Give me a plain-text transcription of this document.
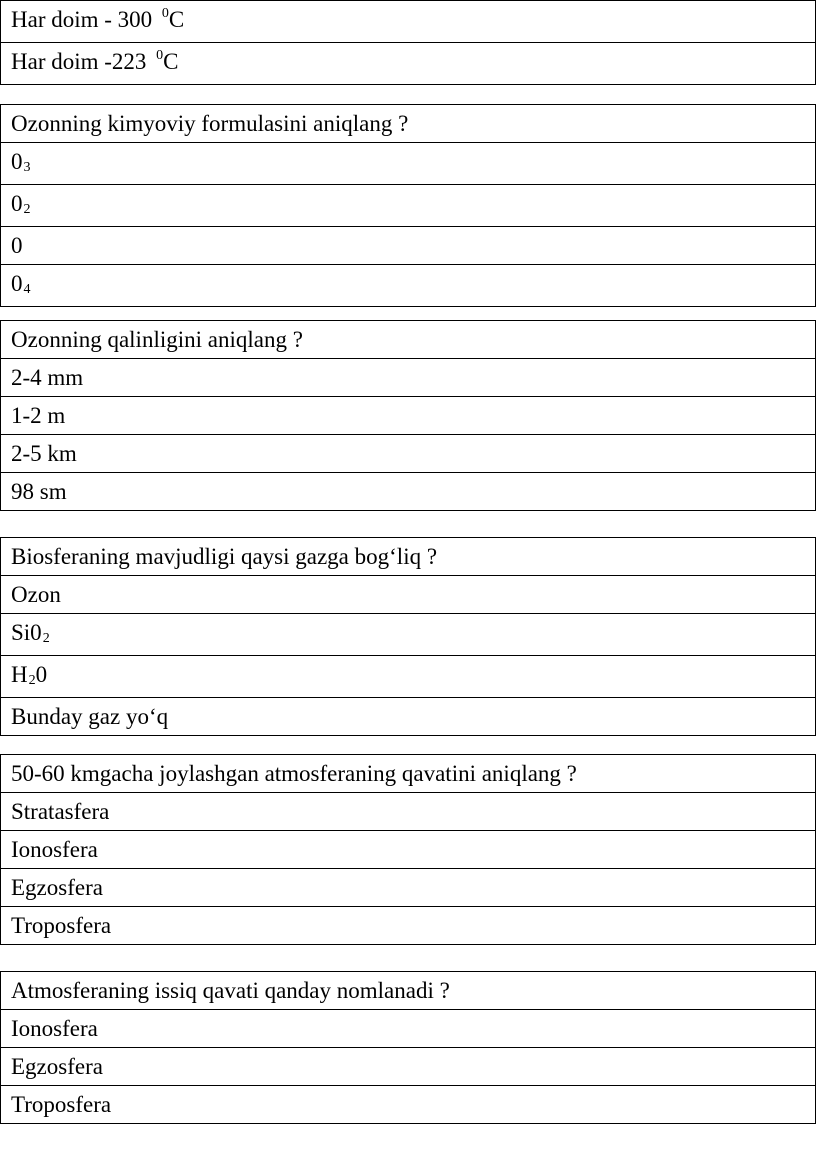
Har doim - 300 $^0$C
Har doim -223 $^0$C
Ozonning kimyoviy formulasini aniqlang ?
03
02
0
04
Ozonning qalinligini aniqlang ?
2-4 mm
1-2 m
2-5 km
98 sm
Biosferaning mavjudligi qaysi gazga bog‘liq ?
Ozon
Si02
H20
Bunday gaz yo‘q
50-60 kmgacha joylashgan atmosferaning qavatini aniqlang ?
Stratasfera
Ionosfera
Egzosfera
Troposfera
Atmosferaning issiq qavati qanday nomlanadi ?
Ionosfera
Egzosfera
Troposfera
